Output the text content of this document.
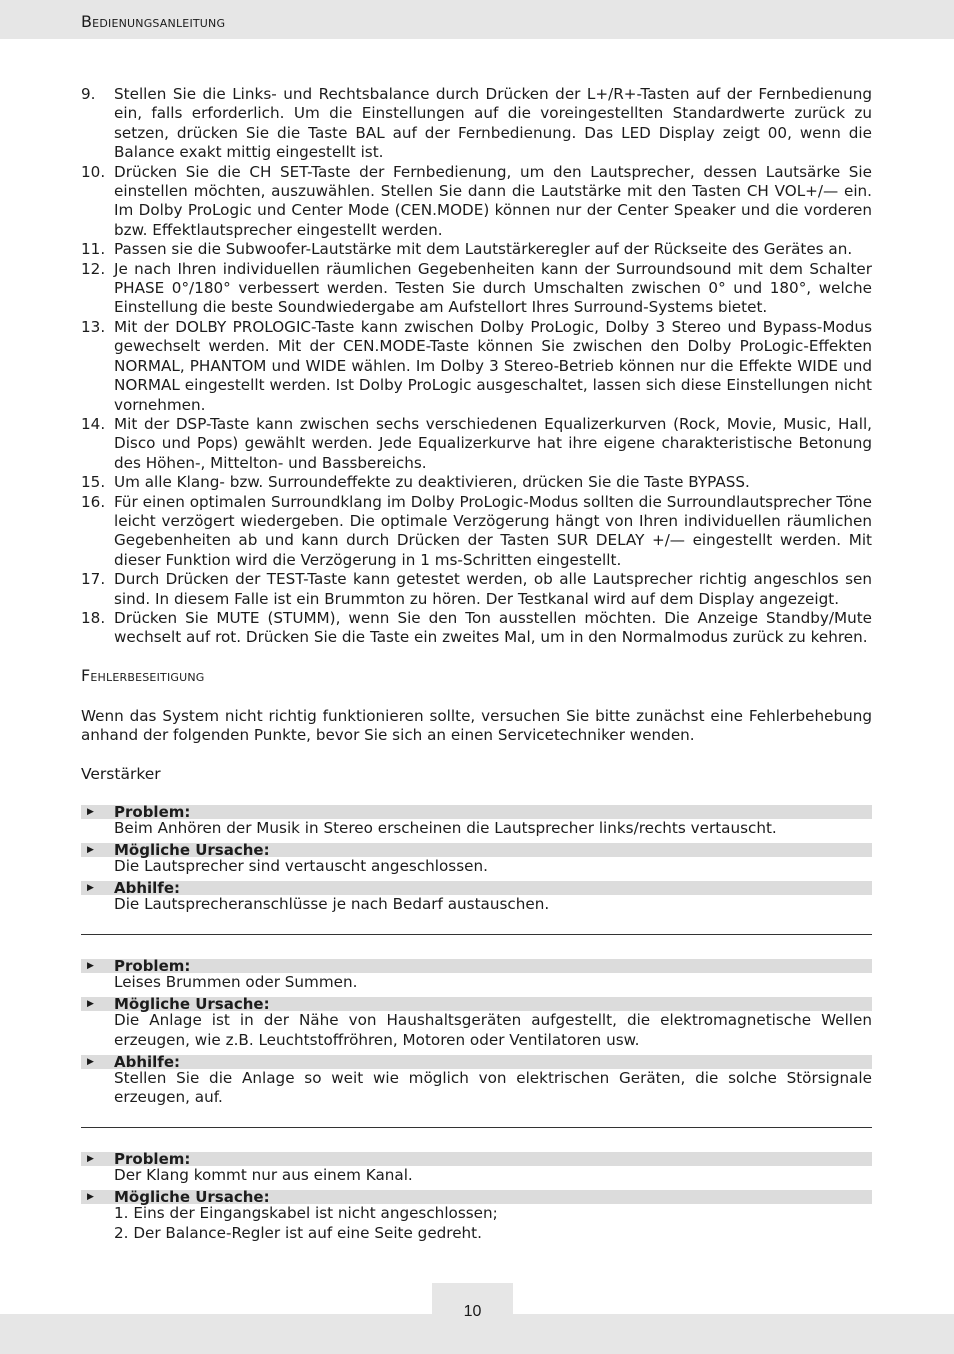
Bedienungsanleitung
9.	Stellen Sie die Links- und Rechtsbalance durch Drücken der L+/R+-Tasten auf der Fernbedienung ein, falls erforderlich. Um die Einstellungen auf die voreingestellten Standardwerte zurück zu setzen, drücken Sie die Taste BAL auf der Fernbedienung. Das LED Display zeigt 00, wenn die Balance exakt mittig eingestellt ist.
10. Drücken Sie die CH SET-Taste der Fernbedienung, um den Lautsprecher, dessen Lautsärke Sie einstellen möchten, auszuwählen. Stellen Sie dann die Lautstärke mit den Tasten CH VOL+/— ein. Im Dolby ProLogic und Center Mode (CEN.MODE) können nur der Center Speaker und die vorderen bzw. Effektlautsprecher eingestellt werden.
11. Passen sie die Subwoofer-Lautstärke mit dem Lautstärkeregler auf der Rückseite des Gerätes an.
12. Je nach Ihren individuellen räumlichen Gegebenheiten kann der Surroundsound mit dem Schalter PHASE 0°/180° verbessert werden. Testen Sie durch Umschalten zwischen 0° und 180°, welche Einstellung die beste Soundwiedergabe am Aufstellort Ihres Surround-Systems bietet.
13. Mit der DOLBY PROLOGIC-Taste kann zwischen Dolby ProLogic, Dolby 3 Stereo und Bypass-Modus gewechselt werden. Mit der CEN.MODE-Taste können Sie zwischen den Dolby ProLogic-Effekten NORMAL, PHANTOM und WIDE wählen. Im Dolby 3 Stereo-Betrieb können nur die Effekte WIDE und NORMAL eingestellt werden. Ist Dolby ProLogic ausgeschaltet, lassen sich diese Einstellungen nicht vornehmen.
14. Mit der DSP-Taste kann zwischen sechs verschiedenen Equalizerkurven (Rock, Movie, Music, Hall, Disco und Pops) gewählt werden. Jede Equalizerkurve hat ihre eigene charakteristische Betonung des Höhen-, Mittelton- und Bassbereichs.
15. Um alle Klang- bzw. Surroundeffekte zu deaktivieren, drücken Sie die Taste BYPASS.
16. Für einen optimalen Surroundklang im Dolby ProLogic-Modus sollten die Surroundlautsprecher Töne leicht verzögert wiedergeben. Die optimale Verzögerung hängt von Ihren individuellen räumlichen Gegebenheiten ab und kann durch Drücken der Tasten SUR DELAY +/— eingestellt werden. Mit dieser Funktion wird die Verzögerung in 1 ms-Schritten eingestellt.
17. Durch Drücken der TEST-Taste kann getestet werden, ob alle Lautsprecher richtig angeschlos sen sind. In diesem Falle ist ein Brummton zu hören. Der Testkanal wird auf dem Display angezeigt.
18. Drücken Sie MUTE (STUMM), wenn Sie den Ton ausstellen möchten. Die Anzeige Standby/Mute wechselt auf rot. Drücken Sie die Taste ein zweites Mal, um in den Normalmodus zurück zu kehren.
Fehlerbeseitigung

Wenn das System nicht richtig funktionieren sollte, versuchen Sie bitte zunächst eine Fehlerbehebung anhand der folgenden Punkte, bevor Sie sich an einen Servicetechniker wenden.

Verstärker
▶	Problem:
Beim Anhören der Musik in Stereo erscheinen die Lautsprecher links/rechts vertauscht.
▶	Mögliche Ursache:
Die Lautsprecher sind vertauscht angeschlossen.
▶	Abhilfe:
Die Lautsprecheranschlüsse je nach Bedarf austauschen.
▶	Problem:
Leises Brummen oder Summen.
▶	Mögliche Ursache:
Die Anlage ist in der Nähe von Haushaltsgeräten aufgestellt, die elektromagnetische Wellen erzeugen, wie z.B. Leuchtstoffröhren, Motoren oder Ventilatoren usw.
▶	Abhilfe:
Stellen Sie die Anlage so weit wie möglich von elektrischen Geräten, die solche Störsignale erzeugen, auf.
▶	Problem:
Der Klang kommt nur aus einem Kanal.
▶	Mögliche Ursache:
1. Eins der Eingangskabel ist nicht angeschlossen;
2. Der Balance-Regler ist auf eine Seite gedreht.
10
